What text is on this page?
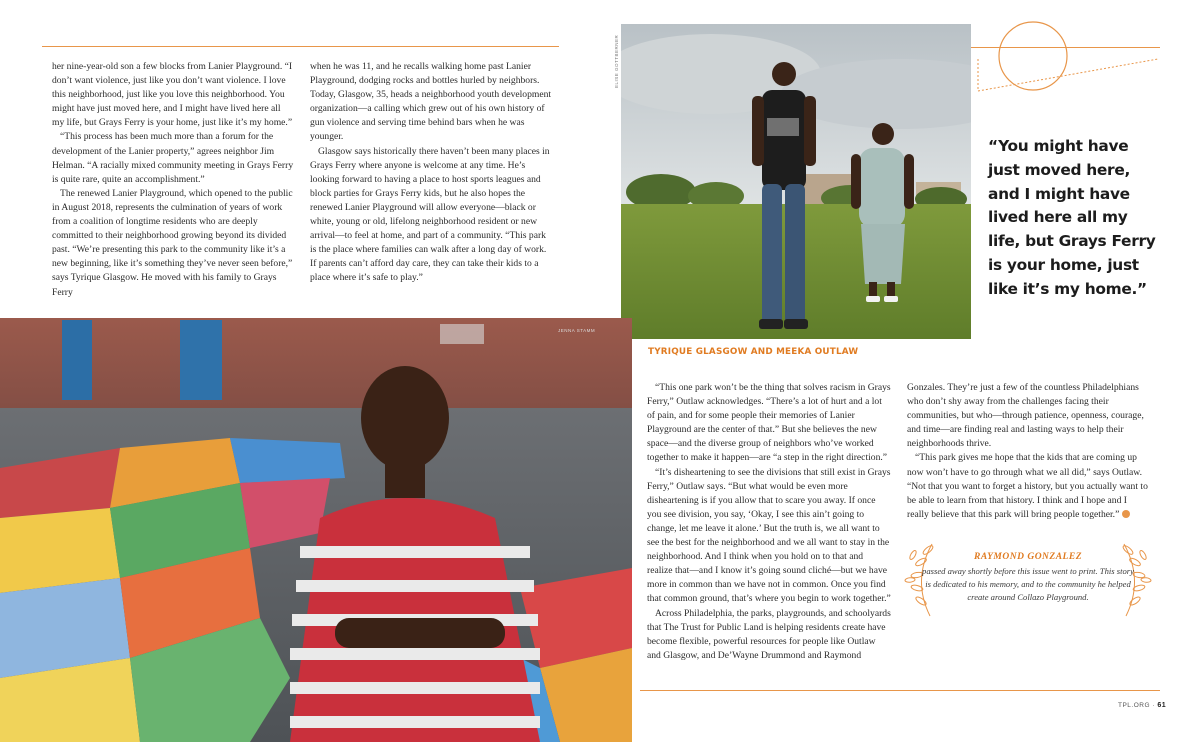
her nine-year-old son a few blocks from Lanier Playground. “I don’t want violence, just like you don’t want violence. I love this neighborhood, just like you love this neighborhood. You might have just moved here, and I might have lived here all my life, but Grays Ferry is your home, just like it’s my home.”

“This process has been much more than a forum for the development of the Lanier property,” agrees neighbor Jim Helman. “A racially mixed community meeting in Grays Ferry is quite rare, quite an accomplishment.”

The renewed Lanier Playground, which opened to the public in August 2018, represents the culmination of years of work from a coalition of longtime residents who are deeply committed to their neighborhood growing beyond its divided past. “We’re presenting this park to the community like it’s a new beginning, like it’s something they’ve never seen before,” says Tyrique Glasgow. He moved with his family to Grays Ferry

when he was 11, and he recalls walking home past Lanier Playground, dodging rocks and bottles hurled by neighbors. Today, Glasgow, 35, heads a neighborhood youth development organization—a calling which grew out of his own history of gun violence and serving time behind bars when he was younger.

Glasgow says historically there haven’t been many places in Grays Ferry where anyone is welcome at any time. He’s looking forward to having a place to host sports leagues and block parties for Grays Ferry kids, but he also hopes the renewed Lanier Playground will allow everyone—black or white, young or old, lifelong neighborhood resident or new arrival—to feel at home, and part of a community. “This park is the place where families can walk after a long day of work. If parents can’t afford day care, they can take their kids to a place where it’s safe to play.”

ELISE GOTTBERNER
“You might have just moved here, and I might have lived here all my life, but Grays Ferry is your home, just like it’s my home.”
TYRIQUE GLASGOW AND MEEKA OUTLAW
JENNA STAMM

“This one park won’t be the thing that solves racism in Grays Ferry,” Outlaw acknowledges. “There’s a lot of hurt and a lot of pain, and for some people their memories of Lanier Playground are the center of that.” But she believes the new space—and the diverse group of neighbors who’ve worked together to make it happen—are “a step in the right direction.”

“It’s disheartening to see the divisions that still exist in Grays Ferry,” Outlaw says. “But what would be even more disheartening is if you allow that to scare you away. If once you see division, you say, ‘Okay, I see this ain’t going to change, let me leave it alone.’ But the truth is, we all want to see the best for the neighborhood and we all want to stay in the neighborhood. And I think when you hold on to that and realize that—and I know it’s going sound cliché—but we have more in common than we have not in common. Once you find that common ground, that’s where you begin to work together.”

Across Philadelphia, the parks, playgrounds, and schoolyards that The Trust for Public Land is helping residents create have become flexible, powerful resources for people like Outlaw and Glasgow, and De’Wayne Drummond and Raymond

Gonzales. They’re just a few of the countless Philadelphians who don’t shy away from the challenges facing their communities, but who—through patience, openness, courage, and time—are finding real and lasting ways to help their neighborhoods thrive.

“This park gives me hope that the kids that are coming up now won’t have to go through what we all did,” says Outlaw. “Not that you want to forget a history, but you actually want to be able to learn from that history. I think and I hope and I really believe that this park will bring people together.”

RAYMOND GONZALEZ
passed away shortly before this issue went to print. This story is dedicated to his memory, and to the community he helped create around Collazo Playground.
TPL.ORG · 61
